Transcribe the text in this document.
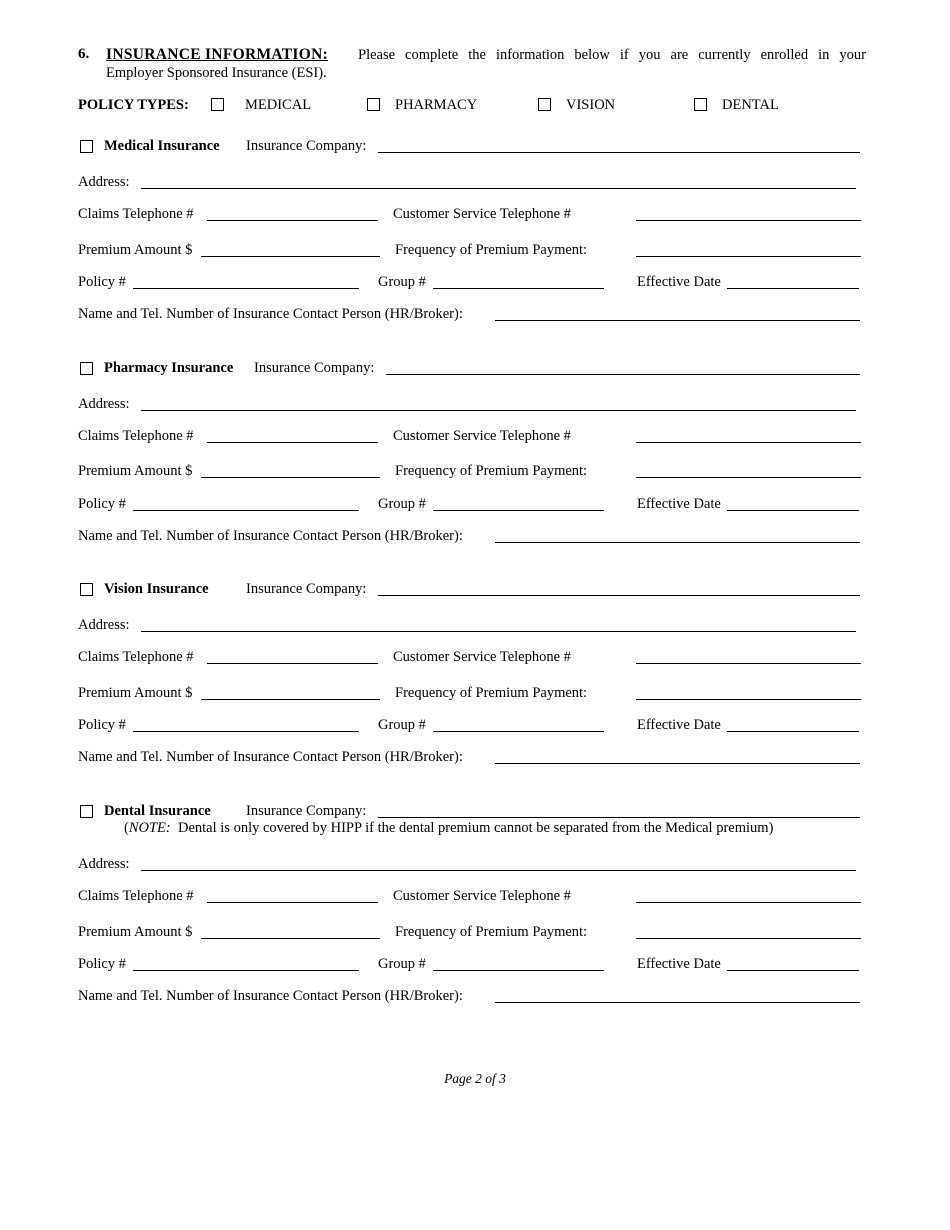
6. INSURANCE INFORMATION: Please complete the information below if you are currently enrolled in your
Employer Sponsored Insurance (ESI).
POLICY TYPES:	MEDICAL	PHARMACY	VISION	DENTAL
Medical Insurance Insurance Company:
Address:
Claims Telephone #	Customer Service Telephone #
Premium Amount $	Frequency of Premium Payment:
Policy #	Group #	Effective Date
Name and Tel. Number of Insurance Contact Person (HR/Broker):
Pharmacy Insurance Insurance Company:
Address:
Claims Telephone #	Customer Service Telephone #
Premium Amount $	Frequency of Premium Payment:
Policy #	Group #	Effective Date
Name and Tel. Number of Insurance Contact Person (HR/Broker):
Vision Insurance	Insurance Company:
Address:
Claims Telephone #	Customer Service Telephone #
Premium Amount $	Frequency of Premium Payment:
Policy #	Group #	Effective Date
Name and Tel. Number of Insurance Contact Person (HR/Broker):
Dental Insurance Insurance Company:
(NOTE: Dental is only covered by HIPP if the dental premium cannot be separated from the Medical premium)
Address:
Claims Telephone #	Customer Service Telephone #
Premium Amount $	Frequency of Premium Payment:
Policy #	Group #	Effective Date
Name and Tel. Number of Insurance Contact Person (HR/Broker):
Page 2 of 3
